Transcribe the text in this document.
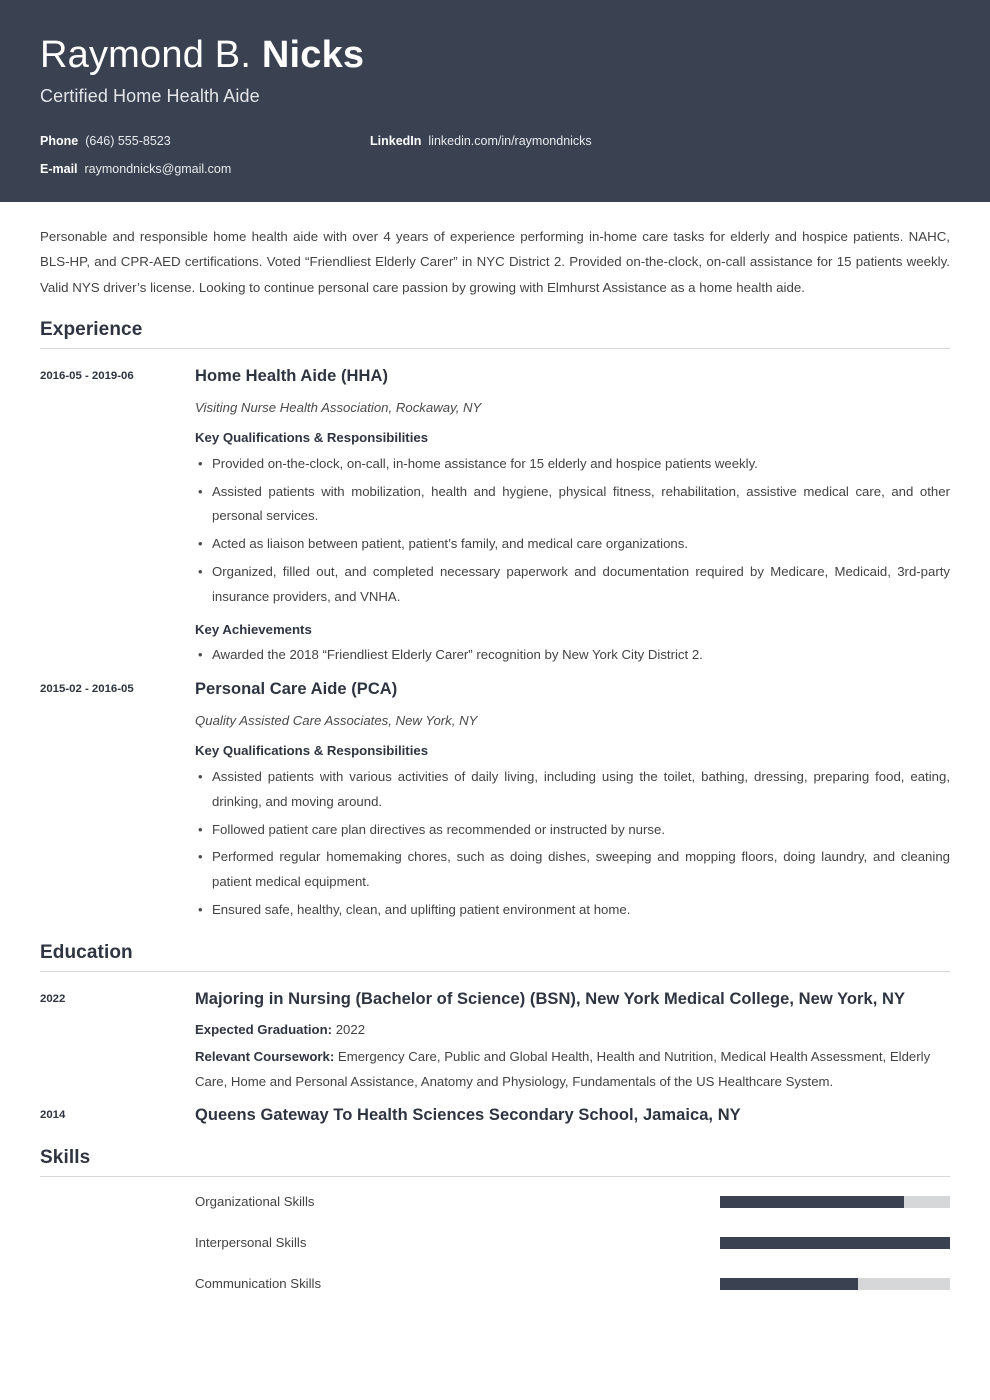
Raymond B. Nicks
Certified Home Health Aide
Phone (646) 555-8523	LinkedIn linkedin.com/in/raymondnicks
E-mail raymondnicks@gmail.com

Personable and responsible home health aide with over 4 years of experience performing in-home care tasks for elderly and hospice patients. NAHC, BLS-HP, and CPR-AED certifications. Voted “Friendliest Elderly Carer” in NYC District 2. Provided on-the-clock, on-call assistance for 15 patients weekly. Valid NYS driver’s license. Looking to continue personal care passion by growing with Elmhurst Assistance as a home health aide.

Experience
2016-05 - 2019-06	Home Health Aide (HHA)
Visiting Nurse Health Association, Rockaway, NY
Key Qualifications & Responsibilities
• Provided on-the-clock, on-call, in-home assistance for 15 elderly and hospice patients weekly.
• Assisted patients with mobilization, health and hygiene, physical fitness, rehabilitation, assistive medical care, and other personal services.
• Acted as liaison between patient, patient’s family, and medical care organizations.
• Organized, filled out, and completed necessary paperwork and documentation required by Medicare, Medicaid, 3rd-party insurance providers, and VNHA.
Key Achievements
• Awarded the 2018 “Friendliest Elderly Carer” recognition by New York City District 2.
2015-02 - 2016-05	Personal Care Aide (PCA)
Quality Assisted Care Associates, New York, NY
Key Qualifications & Responsibilities
• Assisted patients with various activities of daily living, including using the toilet, bathing, dressing, preparing food, eating, drinking, and moving around.
• Followed patient care plan directives as recommended or instructed by nurse.
• Performed regular homemaking chores, such as doing dishes, sweeping and mopping floors, doing laundry, and cleaning patient medical equipment.
• Ensured safe, healthy, clean, and uplifting patient environment at home.
Education
2022	Majoring in Nursing (Bachelor of Science) (BSN), New York Medical College, New York, NY
Expected Graduation: 2022
Relevant Coursework: Emergency Care, Public and Global Health, Health and Nutrition, Medical Health Assessment, Elderly Care, Home and Personal Assistance, Anatomy and Physiology, Fundamentals of the US Healthcare System.
2014	Queens Gateway To Health Sciences Secondary School, Jamaica, NY
Skills
Organizational Skills
Interpersonal Skills
Communication Skills
